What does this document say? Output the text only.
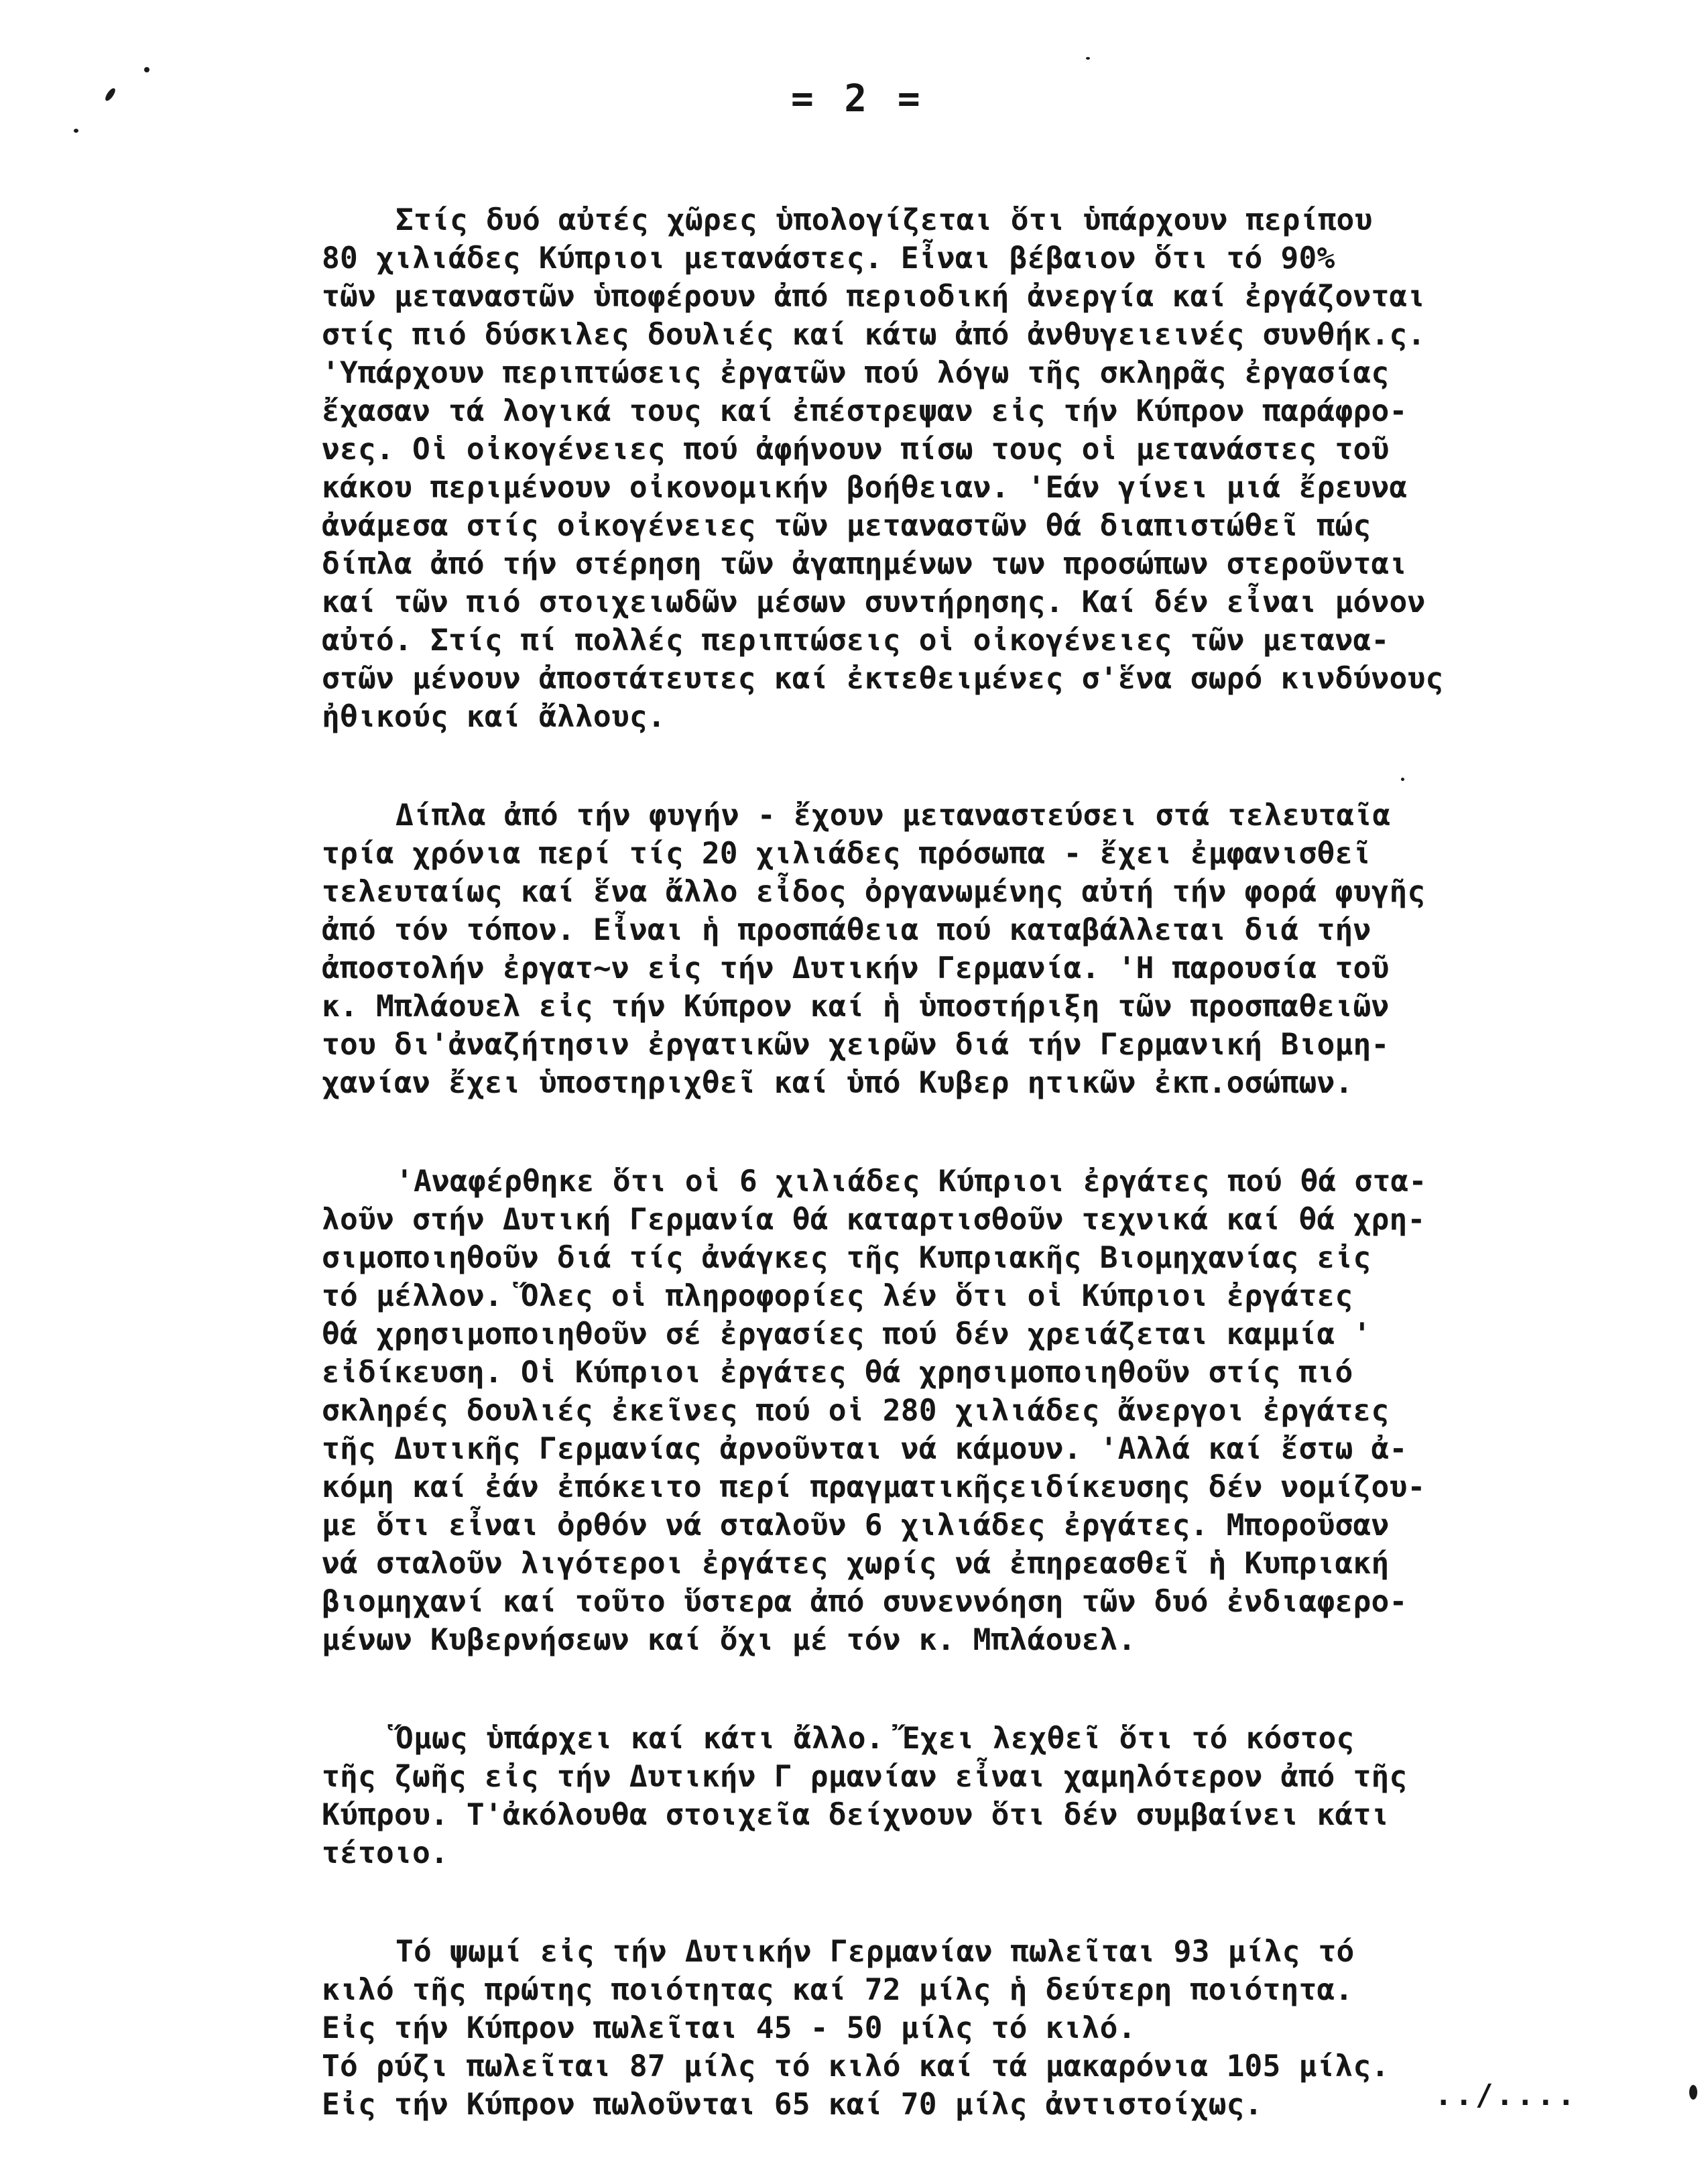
= 2 =
Στίς δυό αὐτές χῶρες ὑπολογίζεται ὅτι ὑπάρχουν περίπου
80 χιλιάδες Κύπριοι μετανάστες. Εἶναι βέβαιον ὅτι τό 90%
τῶν μεταναστῶν ὑποφέρουν ἀπό περιοδική ἀνεργία καί ἐργάζονται
στίς πιό δύσκιλες δουλιές καί κάτω ἀπό ἀνθυγειεινές συνθήκ.ς.
'Υπάρχουν περιπτώσεις ἐργατῶν πού λόγω τῆς σκληρᾶς ἐργασίας
ἔχασαν τά λογικά τους καί ἐπέστρεψαν εἰς τήν Κύπρον παράφρο-
νες. Οἱ οἰκογένειες πού ἀφήνουν πίσω τους οἱ μετανάστες τοῦ
κάκου περιμένουν οἰκονομικήν βοήθειαν. 'Εάν γίνει μιά ἔρευνα
ἀνάμεσα στίς οἰκογένειες τῶν μεταναστῶν θά διαπιστώθεῖ πώς
δίπλα ἀπό τήν στέρηση τῶν ἀγαπημένων των προσώπων στεροῦνται
καί τῶν πιό στοιχειωδῶν μέσων συντήρησης. Καί δέν εἶναι μόνον
αὐτό. Στίς πί πολλές περιπτώσεις οἱ οἰκογένειες τῶν μετανα-
στῶν μένουν ἀποστάτευτες καί ἐκτεθειμένες σ'ἕνα σωρό κινδύνους
ἠθικούς καί ἄλλους.
Δίπλα ἀπό τήν φυγήν - ἔχουν μεταναστεύσει στά τελευταῖα
τρία χρόνια περί τίς 20 χιλιάδες πρόσωπα - ἔχει ἐμφανισθεῖ
τελευταίως καί ἕνα ἄλλο εἶδος ὀργανωμένης αὐτή τήν φορά φυγῆς
ἀπό τόν τόπον. Εἶναι ἡ προσπάθεια πού καταβάλλεται διά τήν
ἀποστολήν ἐργατ~ν εἰς τήν Δυτικήν Γερμανία. 'Η παρουσία τοῦ
κ. Μπλάουελ εἰς τήν Κύπρον καί ἡ ὑποστήριξη τῶν προσπαθειῶν
του δι'ἀναζήτησιν ἐργατικῶν χειρῶν διά τήν Γερμανική Βιομη-
χανίαν ἔχει ὑποστηριχθεῖ καί ὑπό Κυβερ ητικῶν ἐκπ.οσώπων.
'Αναφέρθηκε ὅτι οἱ 6 χιλιάδες Κύπριοι ἐργάτες πού θά στα-
λοῦν στήν Δυτική Γερμανία θά καταρτισθοῦν τεχνικά καί θά χρη-
σιμοποιηθοῦν διά τίς ἀνάγκες τῆς Κυπριακῆς Βιομηχανίας εἰς
τό μέλλον. Ὅλες οἱ πληροφορίες λέν ὅτι οἱ Κύπριοι ἐργάτες
θά χρησιμοποιηθοῦν σέ ἐργασίες πού δέν χρειάζεται καμμία '
εἰδίκευση. Οἱ Κύπριοι ἐργάτες θά χρησιμοποιηθοῦν στίς πιό
σκληρές δουλιές ἐκεῖνες πού οἱ 280 χιλιάδες ἄνεργοι ἐργάτες
τῆς Δυτικῆς Γερμανίας ἀρνοῦνται νά κάμουν. 'Αλλά καί ἔστω ἀ-
κόμη καί ἐάν ἐπόκειτο περί πραγματικῆςειδίκευσης δέν νομίζου-
με ὅτι εἶναι ὀρθόν νά σταλοῦν 6 χιλιάδες ἐργάτες. Μποροῦσαν
νά σταλοῦν λιγότεροι ἐργάτες χωρίς νά ἐπηρεασθεῖ ἡ Κυπριακή
βιομηχανί καί τοῦτο ὕστερα ἀπό συνεννόηση τῶν δυό ἐνδιαφερο-
μένων Κυβερνήσεων καί ὄχι μέ τόν κ. Μπλάουελ.
Ὅμως ὑπάρχει καί κάτι ἄλλο. Ἔχει λεχθεῖ ὅτι τό κόστος
τῆς ζωῆς εἰς τήν Δυτικήν Γ ρμανίαν εἶναι χαμηλότερον ἀπό τῆς
Κύπρου. Τ'ἀκόλουθα στοιχεῖα δείχνουν ὅτι δέν συμβαίνει κάτι
τέτοιο.
Τό ψωμί εἰς τήν Δυτικήν Γερμανίαν πωλεῖται 93 μίλς τό
κιλό τῆς πρώτης ποιότητας καί 72 μίλς ἡ δεύτερη ποιότητα.
Εἰς τήν Κύπρον πωλεῖται 45 - 50 μίλς τό κιλό.
Τό ρύζι πωλεῖται 87 μίλς τό κιλό καί τά μακαρόνια 105 μίλς.
Εἰς τήν Κύπρον πωλοῦνται 65 καί 70 μίλς ἀντιστοίχως.	../....
